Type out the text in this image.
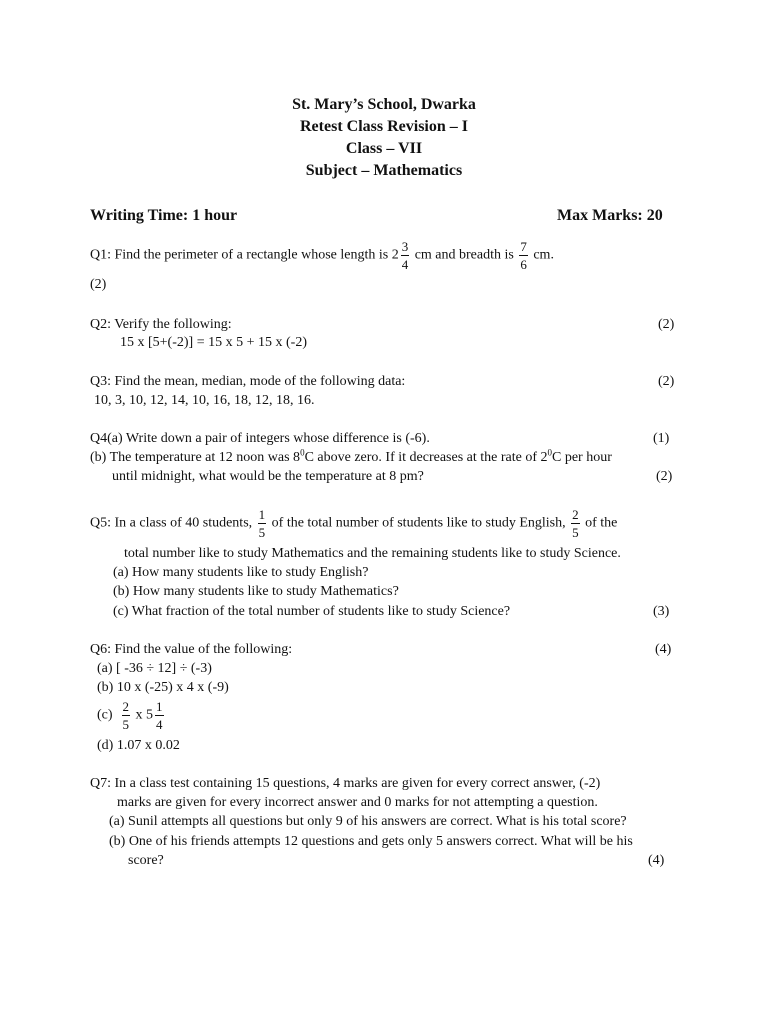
St. Mary’s School, Dwarka
Retest Class Revision – I
Class – VII
Subject – Mathematics
Writing Time: 1 hour	Max Marks: 20
Q1: Find the perimeter of a rectangle whose length is $2 \frac{3}{4}$ cm and breadth is $\frac{7}{6}$ cm.
(2)
Q2: Verify the following:	(2)
15 x [5+(-2)] = 15 x 5 + 15 x (-2)
Q3: Find the mean, median, mode of the following data:	(2)
10, 3, 10, 12, 14, 10, 16, 18, 12, 18, 16.
Q4(a) Write down a pair of integers whose difference is (-6).	(1)
(b) The temperature at 12 noon was $8^0C$ above zero. If it decreases at the rate of $2^0C$ per hour
until midnight, what would be the temperature at 8 pm?	(2)
Q5: In a class of 40 students, $\frac{1}{5}$ of the total number of students like to study English, $\frac{2}{5}$ of the
total number like to study Mathematics and the remaining students like to study Science.
(a) How many students like to study English?
(b) How many students like to study Mathematics?
(c) What fraction of the total number of students like to study Science?	(3)
Q6: Find the value of the following:	(4)
(a) [ -36 ÷ 12] ÷ (-3)
(b) 10 x (-25) x 4 x (-9)
$(c) \frac{2}{5}$ x $5 \frac{1}{4}$
(d) 1.07 x 0.02
Q7: In a class test containing 15 questions, 4 marks are given for every correct answer, (-2)
marks are given for every incorrect answer and 0 marks for not attempting a question.
(a) Sunil attempts all questions but only 9 of his answers are correct. What is his total score?
(b) One of his friends attempts 12 questions and gets only 5 answers correct. What will be his
score?	(4)
